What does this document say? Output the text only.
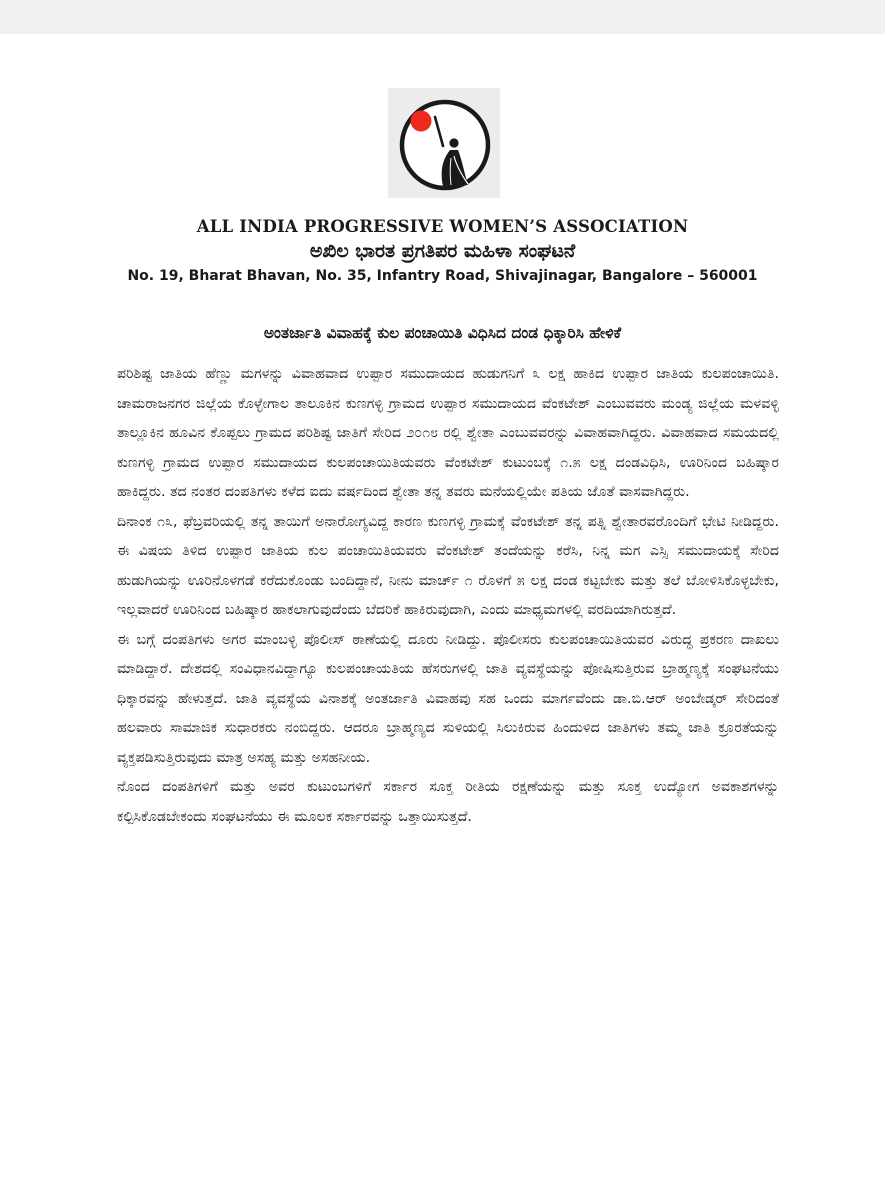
ALL INDIA PROGRESSIVE WOMEN’S ASSOCIATION
ಅಖಿಲ ಭಾರತ ಪ್ರಗತಿಪರ ಮಹಿಳಾ ಸಂಘಟನೆ
No. 19, Bharat Bhavan, No. 35, Infantry Road, Shivajinagar, Bangalore – 560001
ಅಂತರ್ಜಾತಿ ವಿವಾಹಕ್ಕೆ ಕುಲ ಪಂಚಾಯಿತಿ ವಿಧಿಸಿದ ದಂಡ ಧಿಕ್ಕಾರಿಸಿ ಹೇಳಿಕೆ

ಪರಿಶಿಷ್ಟ ಜಾತಿಯ ಹೆಣ್ಣು ಮಗಳನ್ನು ವಿವಾಹವಾದ ಉಪ್ಪಾರ ಸಮುದಾಯದ ಹುಡುಗನಿಗೆ ೩ ಲಕ್ಷ ಹಾಕಿದ ಉಪ್ಪಾರ ಜಾತಿಯ ಕುಲಪಂಚಾಯಿತಿ. ಚಾಮರಾಜನಗರ ಜಿಲ್ಲೆಯ ಕೊಳ್ಳೇಗಾಲ ತಾಲೂಕಿನ ಕುಣಗಳ್ಳಿ ಗ್ರಾಮದ ಉಪ್ಪಾರ ಸಮುದಾಯದ ವೆಂಕಟೇಶ್ ಎಂಬುವವರು ಮಂಡ್ಯ ಜಿಲ್ಲೆಯ ಮಳವಳ್ಳಿ ತಾಲ್ಲೂಕಿನ ಹೂವಿನ ಕೊಪ್ಪಲು ಗ್ರಾಮದ ಪರಿಶಿಷ್ಟ ಜಾತಿಗೆ ಸೇರಿದ ೨೦೧೮ ರಲ್ಲಿ ಶ್ವೇತಾ ಎಂಬುವವರನ್ನು ವಿವಾಹವಾಗಿದ್ದರು. ವಿವಾಹವಾದ ಸಮಯದಲ್ಲಿ ಕುಣಗಳ್ಳಿ ಗ್ರಾಮದ ಉಪ್ಪಾರ ಸಮುದಾಯದ ಕುಲಪಂಚಾಯಿತಿಯವರು ವೆಂಕಟೇಶ್ ಕುಟುಂಬಕ್ಕೆ ೧.೫ ಲಕ್ಷ ದಂಡವಿಧಿಸಿ, ಊರಿನಿಂದ ಬಹಿಷ್ಕಾರ ಹಾಕಿದ್ದರು. ತದ ನಂತರ ದಂಪತಿಗಳು ಕಳೆದ ಐದು ವರ್ಷದಿಂದ ಶ್ವೇತಾ ತನ್ನ ತವರು ಮನೆಯಲ್ಲಿಯೇ ಪತಿಯ ಜೊತೆ ವಾಸವಾಗಿದ್ದರು.

ದಿನಾಂಕ ೧೩, ಫೆಬ್ರವರಿಯಲ್ಲಿ ತನ್ನ ತಾಯಿಗೆ ಅನಾರೋಗ್ಯವಿದ್ದ ಕಾರಣ ಕುಣಗಳ್ಳಿ ಗ್ರಾಮಕ್ಕೆ ವೆಂಕಟೇಶ್ ತನ್ನ ಪತ್ನಿ ಶ್ವೇತಾರವರೊಂದಿಗೆ ಭೇಟಿ ನೀಡಿದ್ದರು. ಈ ವಿಷಯ ತಿಳಿದ ಉಪ್ಪಾರ ಜಾತಿಯ ಕುಲ ಪಂಚಾಯಿತಿಯವರು ವೆಂಕಟೇಶ್ ತಂದೆಯನ್ನು ಕರೆಸಿ, ನಿನ್ನ ಮಗ ಎಸ್ಸಿ ಸಮುದಾಯಕ್ಕೆ ಸೇರಿದ ಹುಡುಗಿಯನ್ನು ಊರಿನೊಳಗಡೆ ಕರೆದುಕೊಂಡು ಬಂದಿದ್ದಾನೆ, ನೀನು ಮಾರ್ಚ್ ೧ ರೊಳಗೆ ೫ ಲಕ್ಷ ದಂಡ ಕಟ್ಟಬೇಕು ಮತ್ತು ತಲೆ ಬೋಳಿಸಿಕೊಳ್ಳಬೇಕು, ಇಲ್ಲವಾದರೆ ಊರಿನಿಂದ ಬಹಿಷ್ಕಾರ ಹಾಕಲಾಗುವುದೆಂದು ಬೆದರಿಕೆ ಹಾಕಿರುವುದಾಗಿ, ಎಂದು ಮಾಧ್ಯಮಗಳಲ್ಲಿ ವರದಿಯಾಗಿರುತ್ತದೆ.

ಈ ಬಗ್ಗೆ ದಂಪತಿಗಳು ಅಗರ ಮಾಂಬಳ್ಳಿ ಪೊಲೀಸ್ ಠಾಣೆಯಲ್ಲಿ ದೂರು ನೀಡಿದ್ದು. ಪೊಲೀಸರು ಕುಲಪಂಚಾಯಿತಿಯವರ ವಿರುದ್ಧ ಪ್ರಕರಣ ದಾಖಲು ಮಾಡಿದ್ದಾರೆ. ದೇಶದಲ್ಲಿ ಸಂವಿಧಾನವಿದ್ದಾಗ್ಯೂ ಕುಲಪಂಚಾಯತಿಯ ಹೆಸರುಗಳಲ್ಲಿ ಜಾತಿ ವ್ಯವಸ್ಥೆಯನ್ನು ಪೋಷಿಸುತ್ತಿರುವ ಬ್ರಾಹ್ಮಣ್ಯಕ್ಕೆ ಸಂಘಟನೆಯು ಧಿಕ್ಕಾರವನ್ನು ಹೇಳುತ್ತದೆ. ಜಾತಿ ವ್ಯವಸ್ಥೆಯ ವಿನಾಶಕ್ಕೆ ಅಂತರ್ಜಾತಿ ವಿವಾಹವು ಸಹ ಒಂದು ಮಾರ್ಗವೆಂದು ಡಾ.ಬಿ.ಆರ್ ಅಂಬೇಡ್ಕರ್ ಸೇರಿದಂತೆ ಹಲವಾರು ಸಾಮಾಜಿಕ ಸುಧಾರಕರು ನಂಬಿದ್ದರು. ಆದರೂ ಬ್ರಾಹ್ಮಣ್ಯದ ಸುಳಿಯಲ್ಲಿ ಸಿಲುಕಿರುವ ಹಿಂದುಳಿದ ಜಾತಿಗಳು ತಮ್ಮ ಜಾತಿ ಕ್ರೂರತೆಯನ್ನು ವ್ಯಕ್ತಪಡಿಸುತ್ತಿರುವುದು ಮಾತ್ರ ಅಸಹ್ಯ ಮತ್ತು ಅಸಹನೀಯ.

ನೊಂದ ದಂಪತಿಗಳಿಗೆ ಮತ್ತು ಅವರ ಕುಟುಂಬಗಳಿಗೆ ಸರ್ಕಾರ ಸೂಕ್ತ ರೀತಿಯ ರಕ್ಷಣೆಯನ್ನು ಮತ್ತು ಸೂಕ್ತ ಉದ್ಯೋಗ ಅವಕಾಶಗಳನ್ನು ಕಲ್ಪಿಸಿಕೊಡಬೇಕಂದು ಸಂಘಟನೆಯು ಈ ಮೂಲಕ ಸರ್ಕಾರವನ್ನು ಒತ್ತಾಯಿಸುತ್ತದೆ.
